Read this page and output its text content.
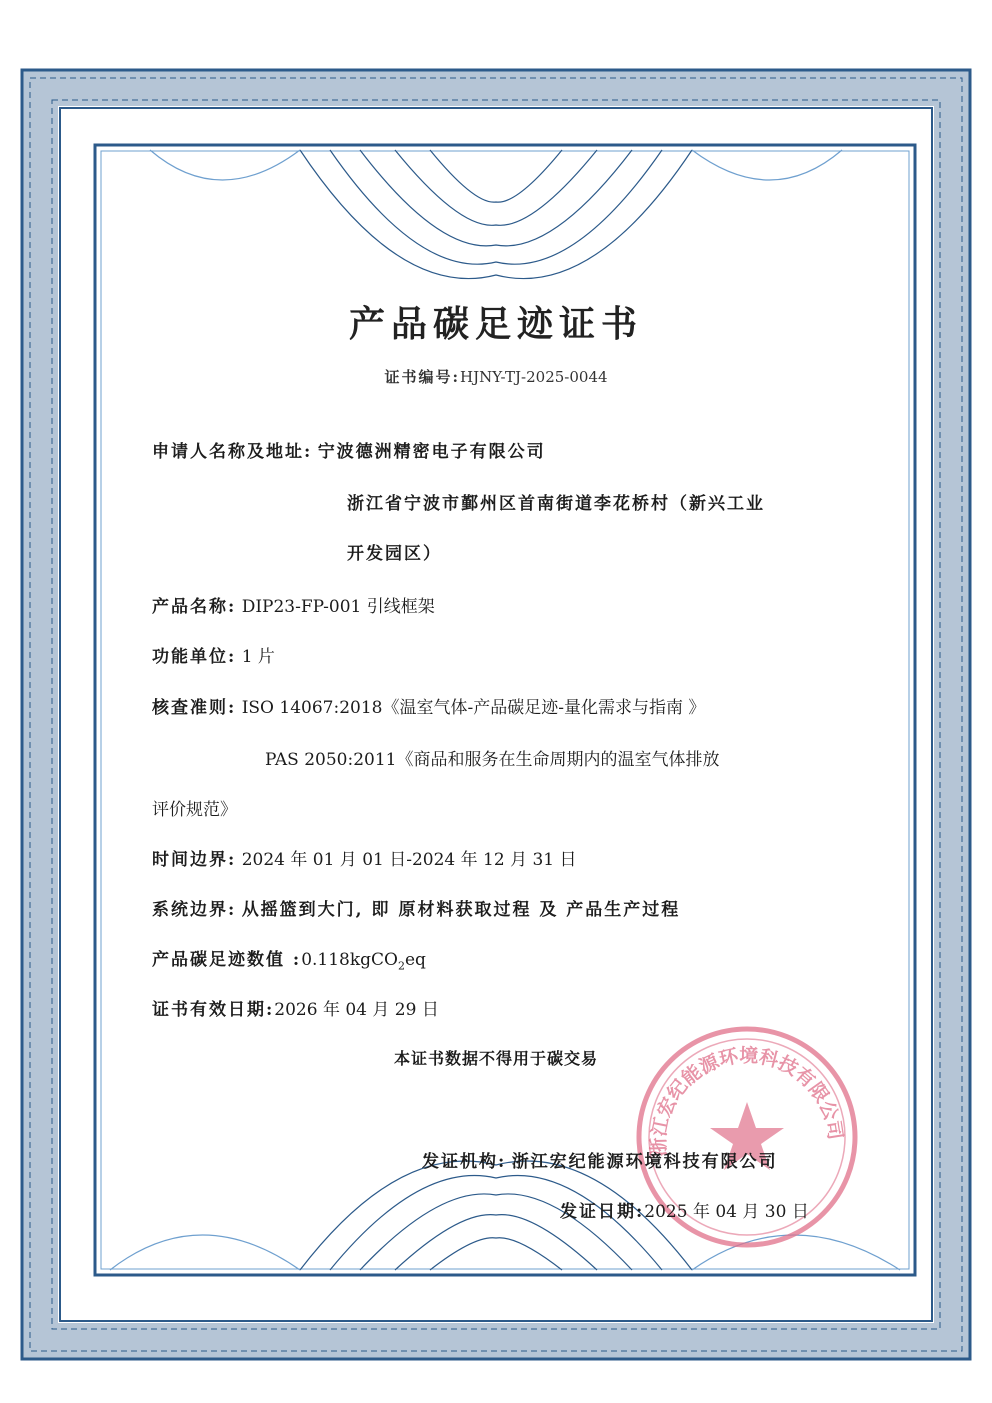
产品碳足迹证书
证书编号:HJNY-TJ-2025-0044
申请人名称及地址: 宁波德洲精密电子有限公司
浙江省宁波市鄞州区首南街道李花桥村（新兴工业
开发园区）
产品名称: DIP23-FP-001 引线框架
功能单位: 1 片
核查准则: ISO 14067:2018《温室气体-产品碳足迹-量化需求与指南 》
PAS 2050:2011《商品和服务在生命周期内的温室气体排放
评价规范》
时间边界: 2024 年 01 月 01 日-2024 年 12 月 31 日
系统边界: 从摇篮到大门, 即 原材料获取过程 及 产品生产过程
产品碳足迹数值 :0.118kgCO$_2$eq
证书有效日期:2026 年 04 月 29 日
本证书数据不得用于碳交易
浙江宏纪能源环境科技有限公司
发证机构: 浙江宏纪能源环境科技有限公司
发证日期:2025 年 04 月 30 日
